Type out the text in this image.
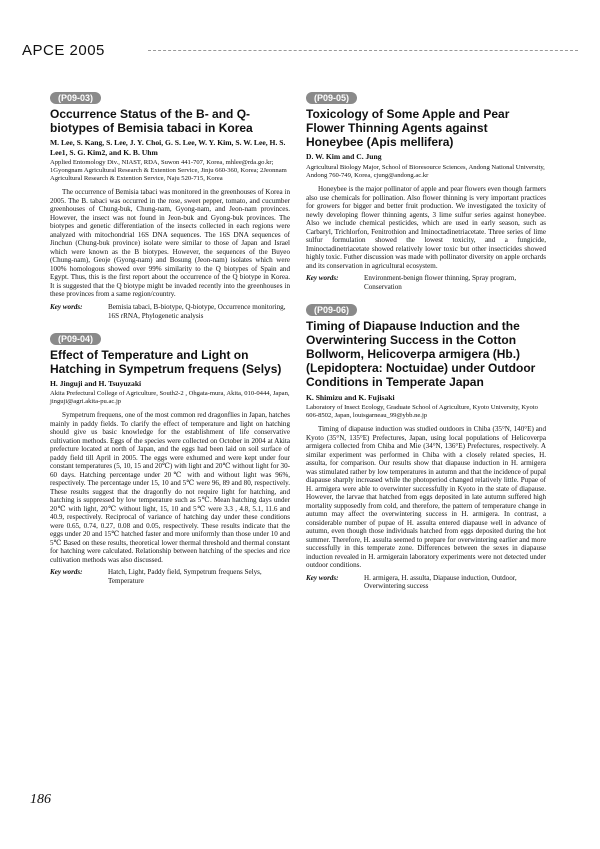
APCE 2005
(P09-03)
Occurrence Status of the B- and Q-biotypes of Bemisia tabaci in Korea

M. Lee, S. Kang, S. Lee, J. Y. Choi, G. S. Lee, W. Y. Kim, S. W. Lee, H. S. Lee1, S. G. Kim2, and K. B. Uhm

Applied Entomology Div., NIAST, RDA, Suwon 441-707, Korea, mhlee@rda.go.kr; 1Gyongnam Agricultural Research & Extention Service, Jinju 660-360, Korea; 2Jeonnam Agricultural Research & Extention Service, Naju 520-715, Korea

The occurrence of Bemisia tabaci was monitored in the greenhouses of Korea in 2005. The B. tabaci was occurred in the rose, sweet pepper, tomato, and cucumber greenhouses of Chung-buk, Chung-nam, Gyong-nam, and Jeon-nam provinces. However, the insect was not found in Jeon-buk and Gyong-buk provinces. The biotypes and genetic differentiation of the insects collected in each regions were analyzed with mitochondrial 16S DNA sequences. The 16S DNA sequences of Jinchun (Chung-buk province) isolate were similar to those of Japan and Israel which were known as the B biotypes. However, the sequences of the Buyeo (Chung-nam), Geoje (Gyong-nam) and Bosung (Jeon-nam) isolates which were 100% homologous showed over 99% similarity to the Q biotypes of Spain and Egypt. Thus, this is the first report about the occurrence of the Q biotype in Korea. It is suggested that the Q biotype might be invaded recently into the greenhouses in these provinces from a same region/country.

Key words:	Bemisia tabaci, B-biotype, Q-biotype, Occurrence monitoring, 16S rRNA, Phylogenetic analysis
(P09-04)
Effect of Temperature and Light on Hatching in Sympetrum frequens (Selys)

H. Jinguji and H. Tsuyuzaki

Akita Prefectural College of Agriculture, South2-2 , Ohgata-mura, Akita, 010-0444, Japan, jinguji@agri.akita-pu.ac.jp

Sympetrum frequens, one of the most common red dragonflies in Japan, hatches mainly in paddy fields. To clarify the effect of temperature and light on hatching should give us basic knowledge for the establishment of life conservative cultivation methods. Eggs of the species were collected on October in 2004 at Akita prefecture located at north of Japan, and the eggs had been laid on soil surface of paddy field till April in 2005. The eggs were exhumed and were kept under four constant temperatures (5, 10, 15 and 20℃) with light and 20℃ without light for 30-60 days. Hatching percentage under 20℃ with and without light was 96%, respectively. The percentage under 15, 10 and 5℃ were 96, 89 and 80, respectively. These results suggest that the dragonfly do not require light for hatching, and hatching is suppressed by low temperature such as 5℃. Mean hatching days under 20℃ with light, 20℃ without light, 15, 10 and 5℃ were 3.3 , 4.8, 5.1, 11.6 and 40.9, respectively. Reciprocal of variance of hatching day under these conditions were 0.65, 0.74, 0.27, 0.08 and 0.05, respectively. These results indicate that the eggs under 20 and 15℃ hatched faster and more uniformly than those under 10 and 5℃ Based on these results, theoretical lower thermal threshold and thermal constant for hatching were calculated. Relationship between hatching of the species and rice cultivation methods was also discussed.

Key words:	Hatch, Light, Paddy field, Sympetrum frequens Selys, Temperature
(P09-05)
Toxicology of Some Apple and Pear Flower Thinning Agents against Honeybee (Apis mellifera)

D. W. Kim and C. Jung

Agricultural Biology Major, School of Bioresource Sciences, Andong National University, Andong 760-749, Korea, cjung@andong.ac.kr

Honeybee is the major pollinator of apple and pear flowers even though farmers also use chemicals for pollination. Also flower thinning is very important practices for growers for bigger and better fruit production. We investigated the toxicity of newly developing flower thinning agents, 3 lime sulfur series against honeybee. Also we include chemical pesticides, which are used in early season, such as Carbaryl, Trichlorfon, Fenitrothion and Iminoctadinetriacetate. Three series of lime sulfur formulation showed the lowest toxicity, and a fungicide, Iminoctadinetriacetate showed relatively lower toxic but other insecticides showed highly toxic. Futher discussion was made with pollinator diversity on apple orchards and its conservation in agricultural ecosystem.

Key words:	Environment-benign flower thinning, Spray program, Conservation
(P09-06)
Timing of Diapause Induction and the Overwintering Success in the Cotton Bollworm, Helicoverpa armigera (Hb.) (Lepidoptera: Noctuidae) under Outdoor Conditions in Temperate Japan

K. Shimizu and K. Fujisaki

Laboratory of Insect Ecology, Graduate School of Agriculture, Kyoto University, Kyoto 606-8502, Japan, louisgarneau_99@ybb.ne.jp

Timing of diapause induction was studied outdoors in Chiba (35°N, 140°E) and Kyoto (35°N, 135°E) Prefectures, Japan, using local populations of Helicoverpa armigera collected from Chiba and Mie (34°N, 136°E) Prefectures, respectively. A similar experiment was performed in Chiba with a closely related species, H. assulta, for comparison. Our results show that diapause induction in H. armigera was stimulated rather by low temperatures in autumn and that the incidence of pupal diapause sharply increased while the photoperiod changed relatively little. Pupae of H. armigera were able to overwinter successfully in Kyoto in the state of diapause. However, the larvae that hatched from eggs deposited in late autumn suffered high mortality supposedly from cold, and therefore, the pattern of temperature change in autumn may affect the overwintering success in H. armigera. In contrast, a considerable number of pupae of H. assulta entered diapause well in advance of autumn, even though those individuals hatched from eggs deposited during the hot summer. Therefore, H. assulta seemed to prepare for overwintering earlier and more successfully in this temperate zone. Differences between the sexes in diapause induction revealed in H. armigerain laboratory experiments were not detected under outdoor conditions.

Key words:	H. armigera, H. assulta, Diapause induction, Outdoor, Overwintering success
186
